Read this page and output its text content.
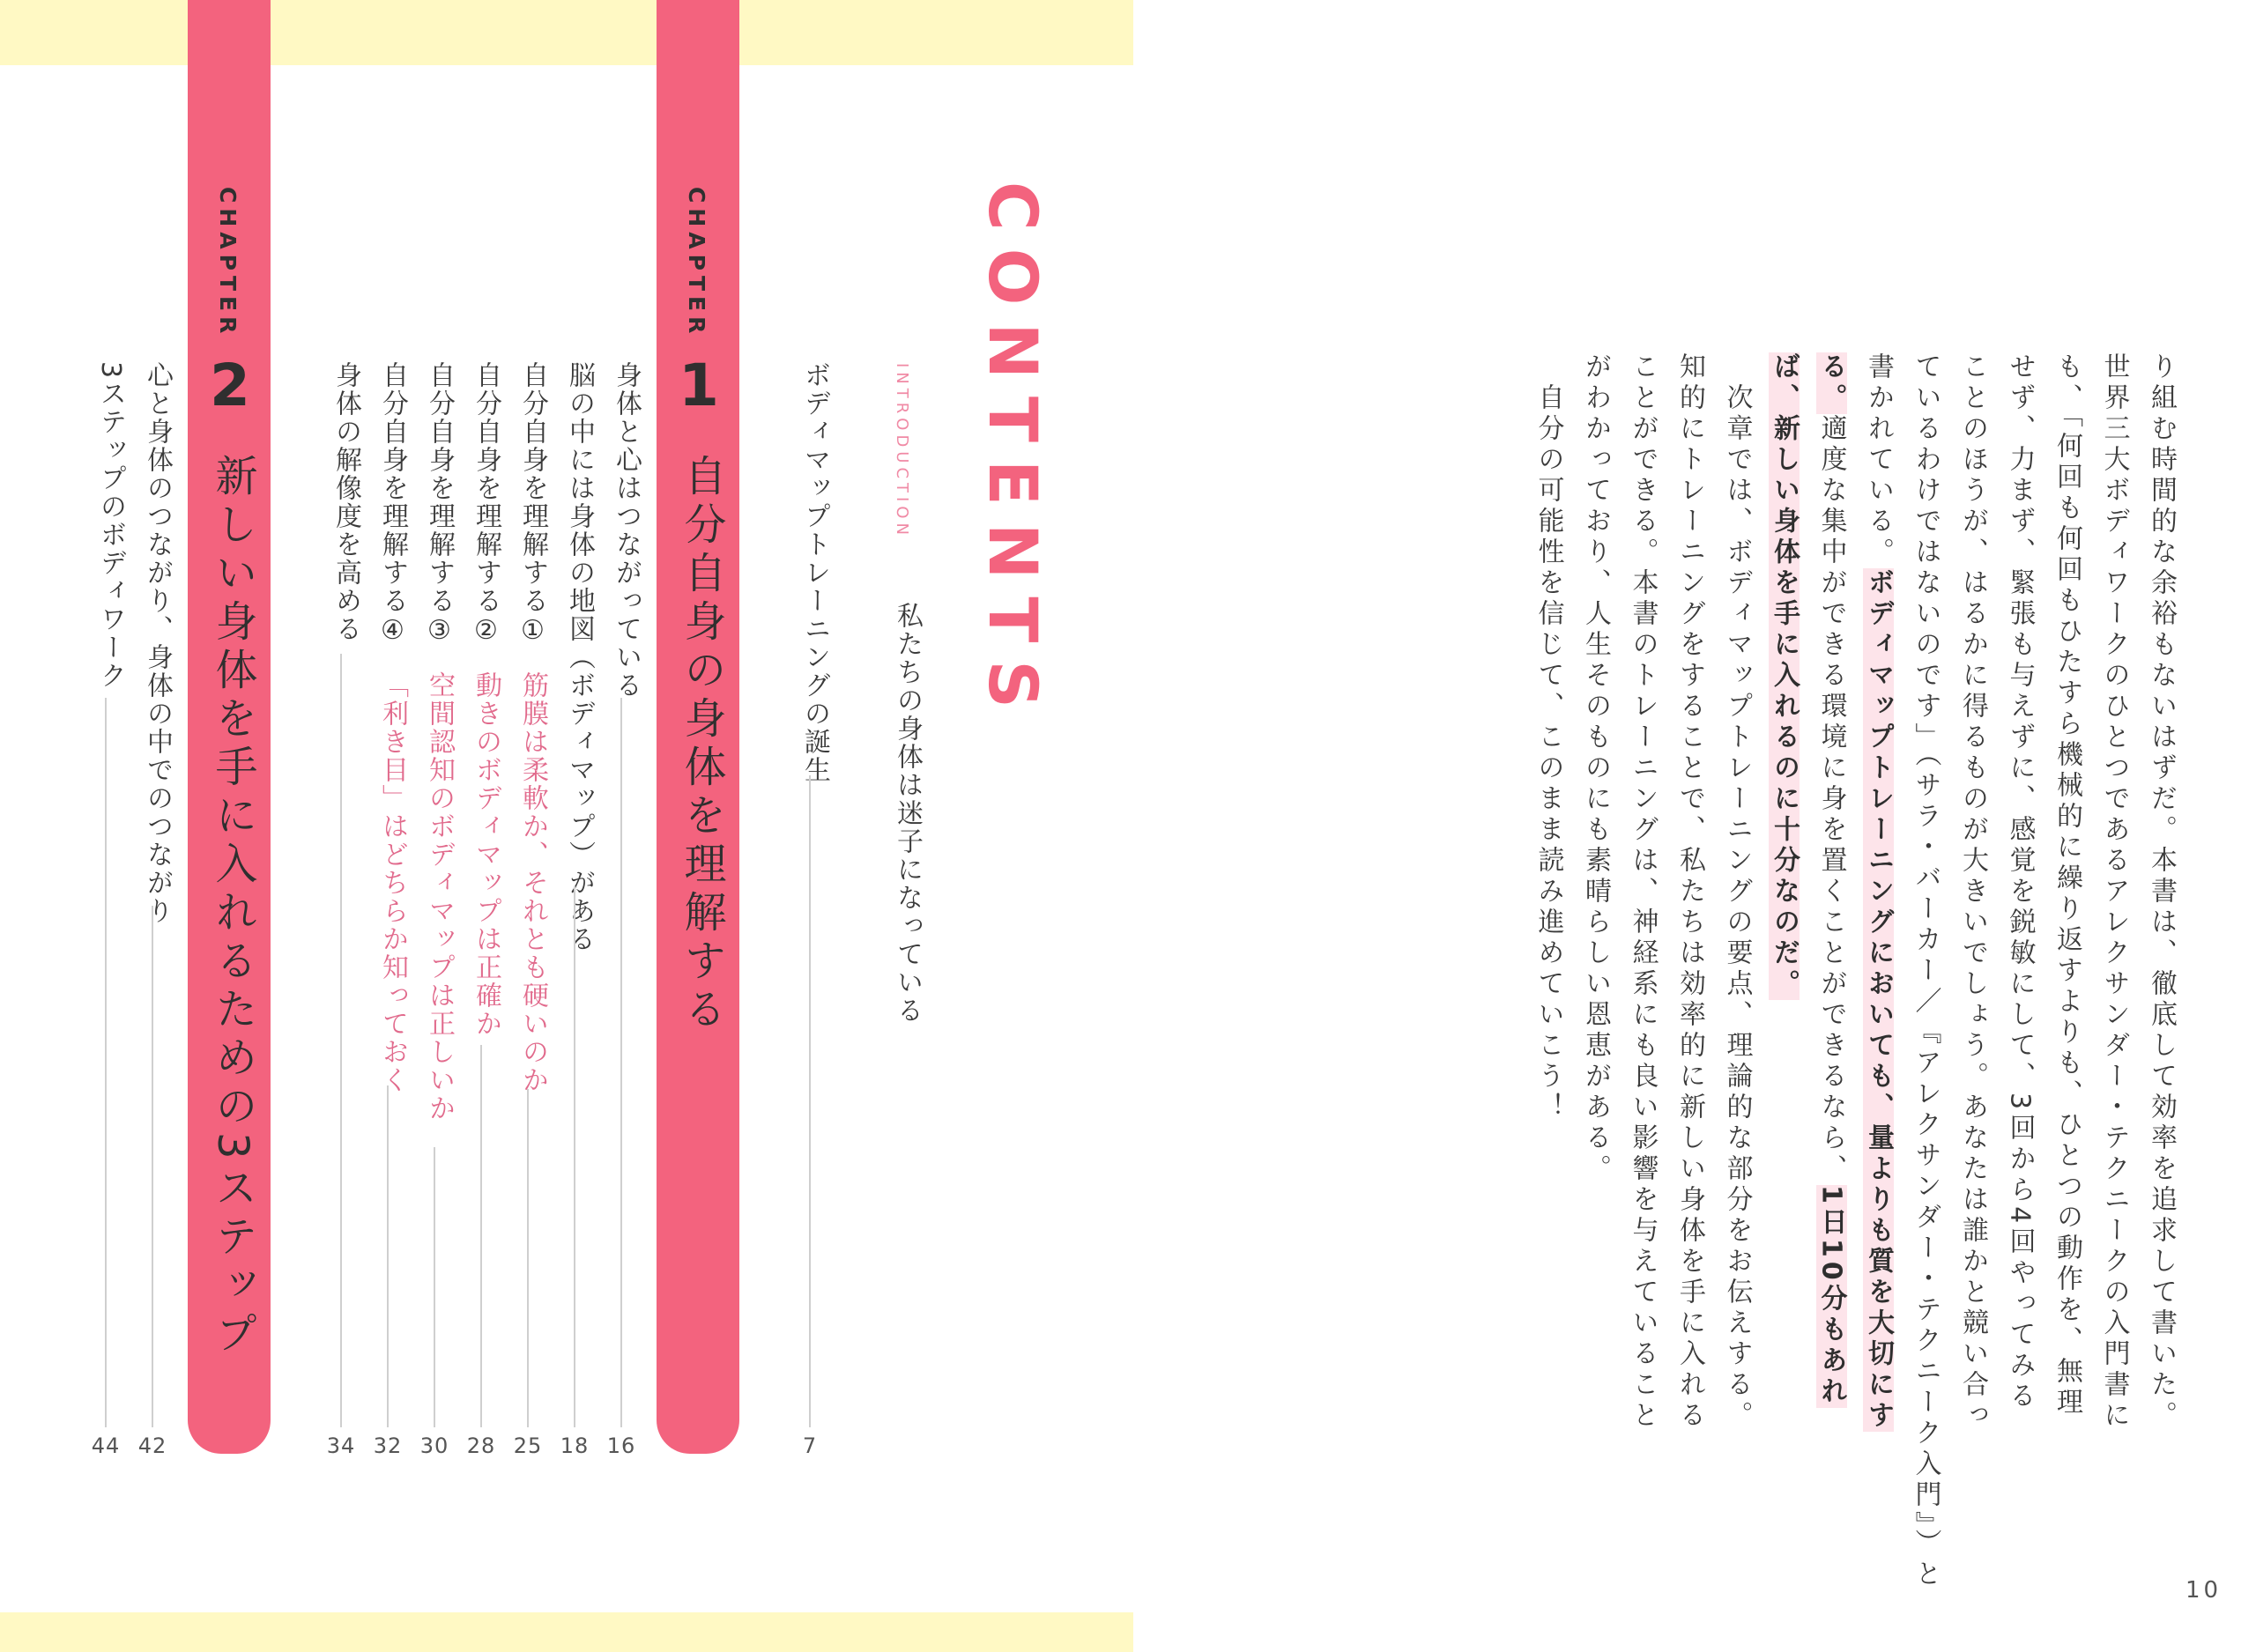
CONTENTS
INTRODUCTION
私たちの身体は迷子になっている
ボディマップトレーニングの誕生
7
CHAPTER
1
自分自身の身体を理解する
身体と心はつながっている
16
脳の中には身体の地図（ボディマップ）がある
18
自分自身を理解する①
筋膜は柔軟か、それとも硬いのか
25
自分自身を理解する②
動きのボディマップは正確か
28
自分自身を理解する③
空間認知のボディマップは正しいか
30
自分自身を理解する④
「利き目」はどちらか知っておく
32
身体の解像度を高める
34
CHAPTER
2
新しい身体を手に入れるための3ステップ
心と身体のつながり、身体の中でのつながり
42
3ステップのボディワーク
44
り組む時間的な余裕もないはずだ。本書は、徹底して効率を追求して書いた。
世界三大ボディワークのひとつであるアレクサンダー・テクニークの入門書に
も、「何回も何回もひたすら機械的に繰り返すよりも、ひとつの動作を、無理
せず、力まず、緊張も与えずに、感覚を鋭敏にして、3回から4回やってみる
ことのほうが、はるかに得るものが大きいでしょう。あなたは誰かと競い合っ
ているわけではないのです」（サラ・バーカー／『アレクサンダー・テクニーク入門』）と
書かれている。ボディマップトレーニングにおいても、量よりも質を大切にす
る。適度な集中ができる環境に身を置くことができるなら、1日10分もあれ
ば、新しい身体を手に入れるのに十分なのだ。
　次章では、ボディマップトレーニングの要点、理論的な部分をお伝えする。
知的にトレーニングをすることで、私たちは効率的に新しい身体を手に入れる
ことができる。本書のトレーニングは、神経系にも良い影響を与えていること
がわかっており、人生そのものにも素晴らしい恩恵がある。
　自分の可能性を信じて、このまま読み進めていこう！
10
